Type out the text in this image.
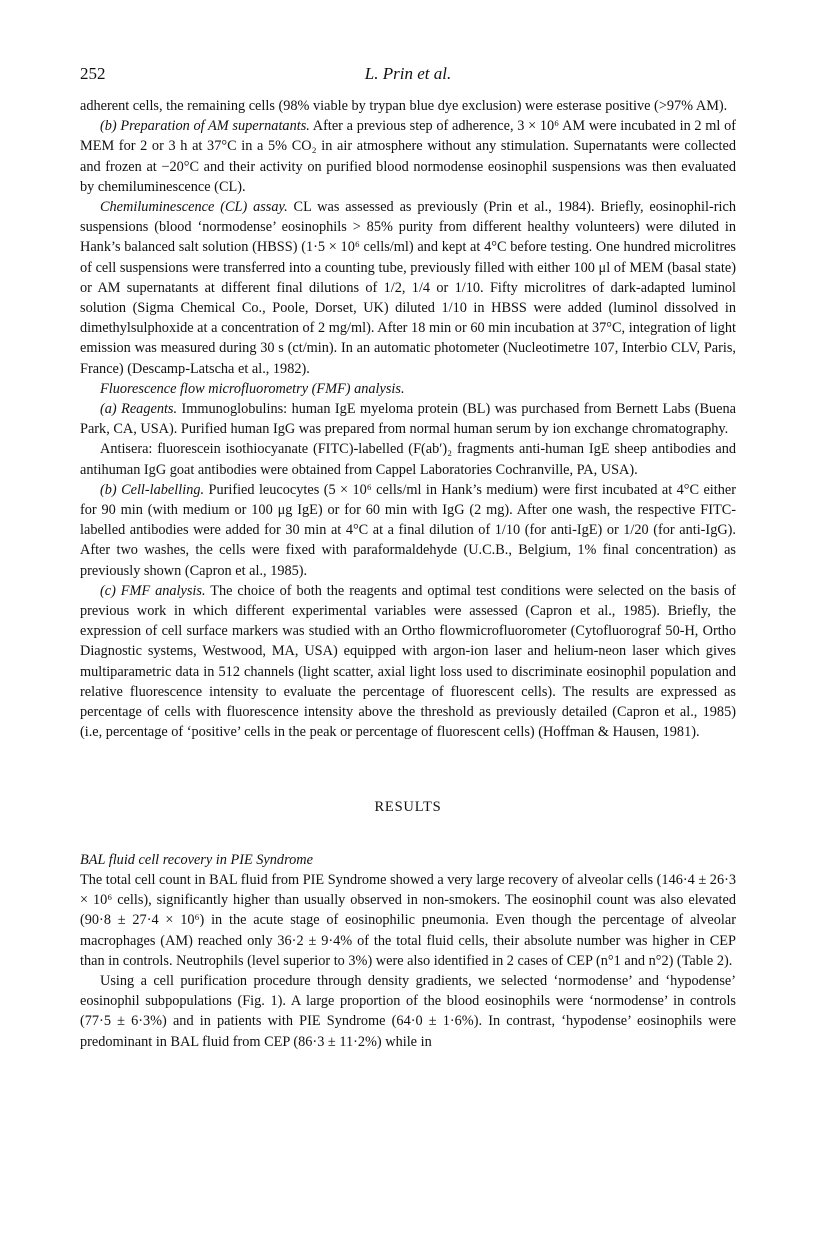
252	L. Prin et al.

adherent cells, the remaining cells (98% viable by trypan blue dye exclusion) were esterase positive (>97% AM).

(b) Preparation of AM supernatants. After a previous step of adherence, 3 × 10⁶ AM were incubated in 2 ml of MEM for 2 or 3 h at 37°C in a 5% CO₂ in air atmosphere without any stimulation. Supernatants were collected and frozen at −20°C and their activity on purified blood normodense eosinophil suspensions was then evaluated by chemiluminescence (CL).

Chemiluminescence (CL) assay. CL was assessed as previously (Prin et al., 1984). Briefly, eosinophil-rich suspensions (blood ‘normodense’ eosinophils > 85% purity from different healthy volunteers) were diluted in Hank’s balanced salt solution (HBSS) (1·5 × 10⁶ cells/ml) and kept at 4°C before testing. One hundred microlitres of cell suspensions were transferred into a counting tube, previously filled with either 100 μl of MEM (basal state) or AM supernatants at different final dilutions of 1/2, 1/4 or 1/10. Fifty microlitres of dark-adapted luminol solution (Sigma Chemical Co., Poole, Dorset, UK) diluted 1/10 in HBSS were added (luminol dissolved in dimethylsulphoxide at a concentration of 2 mg/ml). After 18 min or 60 min incubation at 37°C, integration of light emission was measured during 30 s (ct/min). In an automatic photometer (Nucleotimetre 107, Interbio CLV, Paris, France) (Descamp-Latscha et al., 1982).

Fluorescence flow microfluorometry (FMF) analysis.

(a) Reagents. Immunoglobulins: human IgE myeloma protein (BL) was purchased from Bernett Labs (Buena Park, CA, USA). Purified human IgG was prepared from normal human serum by ion exchange chromatography.

Antisera: fluorescein isothiocyanate (FITC)-labelled (F(ab′)₂ fragments anti-human IgE sheep antibodies and antihuman IgG goat antibodies were obtained from Cappel Laboratories Cochranville, PA, USA).

(b) Cell-labelling. Purified leucocytes (5 × 10⁶ cells/ml in Hank’s medium) were first incubated at 4°C either for 90 min (with medium or 100 μg IgE) or for 60 min with IgG (2 mg). After one wash, the respective FITC-labelled antibodies were added for 30 min at 4°C at a final dilution of 1/10 (for anti-IgE) or 1/20 (for anti-IgG). After two washes, the cells were fixed with paraformaldehyde (U.C.B., Belgium, 1% final concentration) as previously shown (Capron et al., 1985).

(c) FMF analysis. The choice of both the reagents and optimal test conditions were selected on the basis of previous work in which different experimental variables were assessed (Capron et al., 1985). Briefly, the expression of cell surface markers was studied with an Ortho flowmicrofluorometer (Cytofluorograf 50-H, Ortho Diagnostic systems, Westwood, MA, USA) equipped with argon-ion laser and helium-neon laser which gives multiparametric data in 512 channels (light scatter, axial light loss used to discriminate eosinophil population and relative fluorescence intensity to evaluate the percentage of fluorescent cells). The results are expressed as percentage of cells with fluorescence intensity above the threshold as previously detailed (Capron et al., 1985) (i.e, percentage of ‘positive’ cells in the peak or percentage of fluorescent cells) (Hoffman & Hausen, 1981).

RESULTS

BAL fluid cell recovery in PIE Syndrome

The total cell count in BAL fluid from PIE Syndrome showed a very large recovery of alveolar cells (146·4 ± 26·3 × 10⁶ cells), significantly higher than usually observed in non-smokers. The eosinophil count was also elevated (90·8 ± 27·4 × 10⁶) in the acute stage of eosinophilic pneumonia. Even though the percentage of alveolar macrophages (AM) reached only 36·2 ± 9·4% of the total fluid cells, their absolute number was higher in CEP than in controls. Neutrophils (level superior to 3%) were also identified in 2 cases of CEP (n°1 and n°2) (Table 2).

Using a cell purification procedure through density gradients, we selected ‘normodense’ and ‘hypodense’ eosinophil subpopulations (Fig. 1). A large proportion of the blood eosinophils were ‘normodense’ in controls (77·5 ± 6·3%) and in patients with PIE Syndrome (64·0 ± 1·6%). In contrast, ‘hypodense’ eosinophils were predominant in BAL fluid from CEP (86·3 ± 11·2%) while in
